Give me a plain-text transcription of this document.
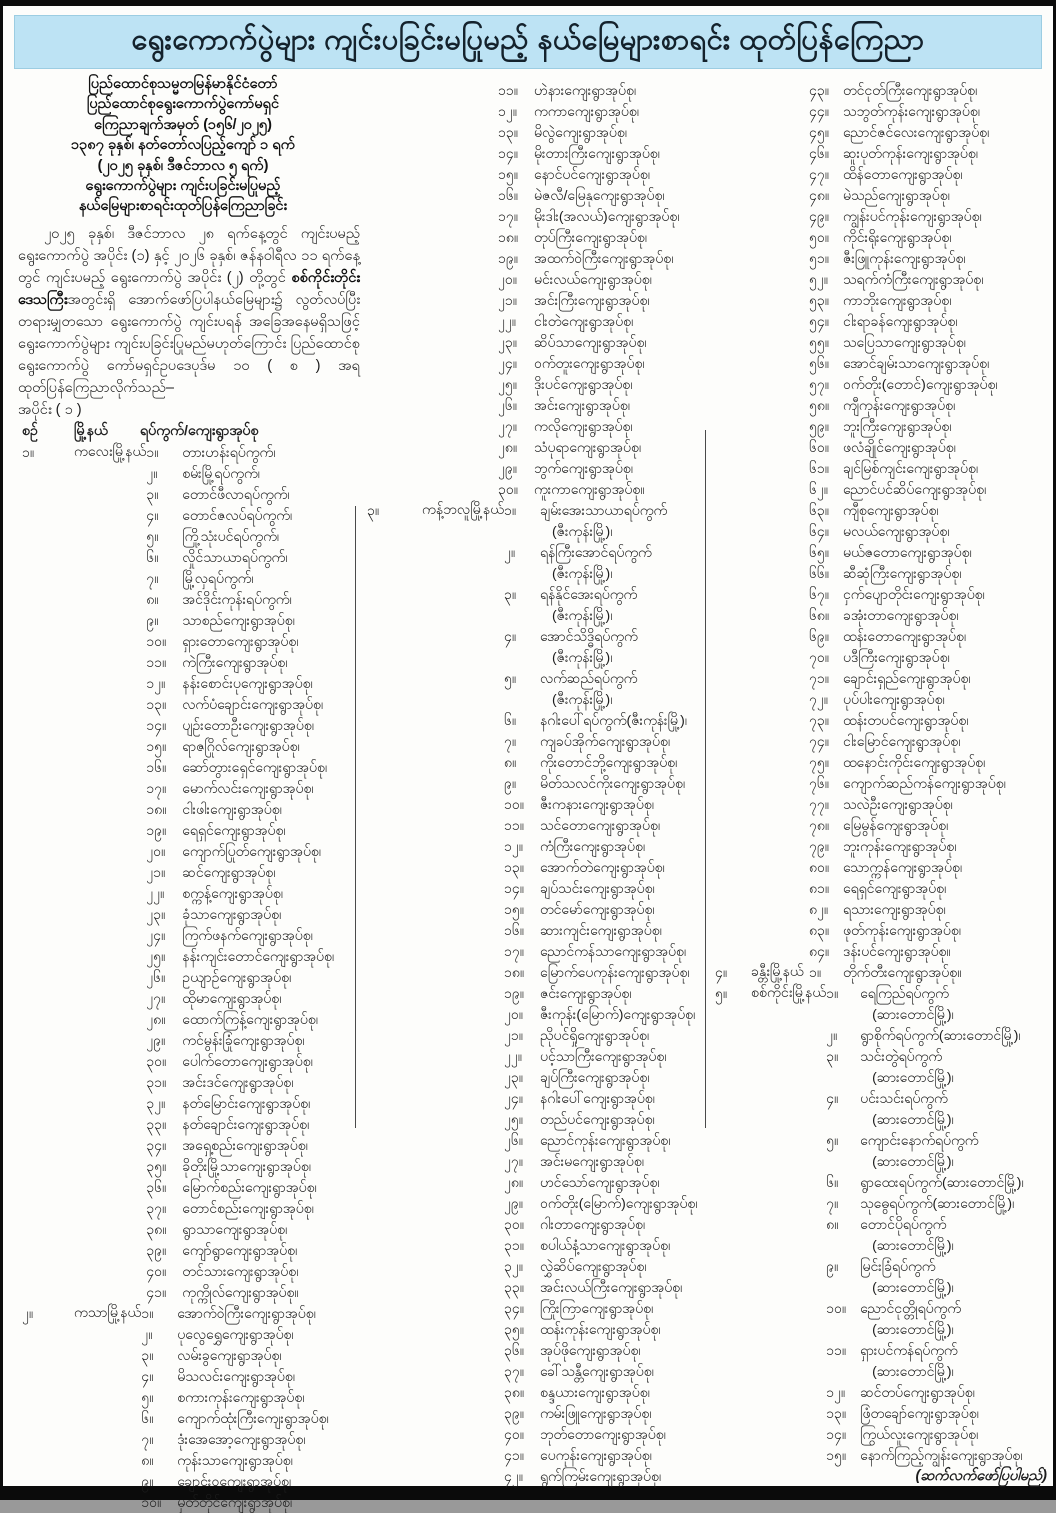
ရွေးကောက်ပွဲများ ကျင်းပခြင်းမပြုမည့် နယ်မြေများစာရင်း ထုတ်ပြန်ကြေညာ
ပြည်ထောင်စုသမ္မတမြန်မာနိုင်ငံတော်
ပြည်ထောင်စုရွေးကောက်ပွဲကော်မရှင်
ကြေညာချက်အမှတ် (၁၅၆/၂၀၂၅)
၁၃၈၇ ခုနှစ်၊ နတ်တော်လပြည့်ကျော် ၁ ရက်
(၂၀၂၅ ခုနှစ်၊ ဒီဇင်ဘာလ ၅ ရက်)
ရွေးကောက်ပွဲများ ကျင်းပခြင်းမပြုမည့်
နယ်မြေများစာရင်းထုတ်ပြန်ကြေညာခြင်း

၂၀၂၅ ခုနှစ်၊ ဒီဇင်ဘာလ ၂၈ ရက်နေ့တွင် ကျင်းပမည့် ရွေးကောက်ပွဲ အပိုင်း (၁) နှင့် ၂၀၂၆ ခုနှစ်၊ ဇန်နဝါရီလ ၁၁ ရက်နေ့တွင် ကျင်းပမည့် ရွေးကောက်ပွဲ အပိုင်း (၂) တို့တွင် စစ်ကိုင်းတိုင်းဒေသကြီးအတွင်းရှိ အောက်ဖော်ပြပါနယ်မြေများ၌ လွတ်လပ်ပြီး တရားမျှတသော ရွေးကောက်ပွဲ ကျင်းပရန် အခြေအနေမရှိသဖြင့် ရွေးကောက်ပွဲများ ကျင်းပခြင်းပြုမည်မဟုတ်ကြောင်း ပြည်ထောင်စုရွေးကောက်ပွဲ ကော်မရှင်ဥပဒေပုဒ်မ ၁၀ ( စ ) အရ ထုတ်ပြန်ကြေညာလိုက်သည်–

အပိုင်း ( ၁ )
စဉ်	မြို့နယ်	ရပ်ကွက်/ကျေးရွာအုပ်စု
၁။	ကလေးမြို့နယ် ၁။	တားဟန်းရပ်ကွက်၊
၂။	စမ်းမြို့ရပ်ကွက်၊
၃။	တောင်ဖီလာရပ်ကွက်၊
၄။	တောင်ဇလပ်ရပ်ကွက်၊
၅။	ကြို့သုံးပင်ရပ်ကွက်၊
၆။	လှိုင်သာယာရပ်ကွက်၊
၇။	မြို့လှရပ်ကွက်၊
၈။	အင်ဒိုင်းကုန်းရပ်ကွက်၊
၉။	သာစည်ကျေးရွာအုပ်စု၊
၁၀။	ရှားတောကျေးရွာအုပ်စု၊
၁၁။	ကဲကြီးကျေးရွာအုပ်စု၊
၁၂။	နန်းစောင်းပုကျေးရွာအုပ်စု၊
၁၃။	လက်ပံချောင်းကျေးရွာအုပ်စု၊
၁၄။	ပျဉ်းတောဦးကျေးရွာအုပ်စု၊
၁၅။	ရာဇဂြိုလ်ကျေးရွာအုပ်စု၊
၁၆။	ဆော်တွားရှေင်ကျေးရွာအုပ်စု၊
၁၇။	မောက်လင်းကျေးရွာအုပ်စု၊
၁၈။	ငါးဖါးကျေးရွာအုပ်စု၊
၁၉။	ရေရှင်ကျေးရွာအုပ်စု၊
၂၀။	ကျောက်ပြုတ်ကျေးရွာအုပ်စု၊
၂၁။	ဆင်ကျေးရွာအုပ်စု၊
၂၂။	စက္ကန့်ကျေးရွာအုပ်စု၊
၂၃။	ခုံသာကျေးရွာအုပ်စု၊
၂၄။	ကြက်ဖနက်ကျေးရွာအုပ်စု၊
၂၅။	နန်းကျင်းတောင်ကျေးရွာအုပ်စု၊
၂၆။	ဥယျာဉ်ကျေးရွာအုပ်စု၊
၂၇။	ထိုမာကျေးရွာအုပ်စု၊
၂၈။	ထောက်ကြန့်ကျေးရွာအုပ်စု၊
၂၉။	ကင်မွန်းခြုံကျေးရွာအုပ်စု၊
၃၀။	ပေါက်တောကျေးရွာအုပ်စု၊
၃၁။	အင်းဒင်ကျေးရွာအုပ်စု၊
၃၂။	နတ်မြောင်းကျေးရွာအုပ်စု၊
၃၃။	နတ်ချောင်းကျေးရွာအုပ်စု၊
၃၄။	အရှေ့စည်းကျေးရွာအုပ်စု၊
၃၅။	ခိုတိုးမြို့သာကျေးရွာအုပ်စု၊
၃၆။	မြောက်စည်းကျေးရွာအုပ်စု၊
၃၇။	တောင်စည်းကျေးရွာအုပ်စု၊
၃၈။	ရွာသာကျေးရွာအုပ်စု၊
၃၉။	ကျော်ရွာကျေးရွာအုပ်စု၊
၄၀။	တင်သားကျေးရွာအုပ်စု၊
၄၁။	ကုက္ကိုလ်ကျေးရွာအုပ်စု။
၂။	ကသာမြို့နယ် ၁။	အောက်ဝဲကြီးကျေးရွာအုပ်စု၊
၂။	ပုလွေရွှေကျေးရွာအုပ်စု၊
၃။	လမ်းခွကျေးရွာအုပ်စု၊
၄။	မိသလင်းကျေးရွာအုပ်စု၊
၅။	စကားကုန်းကျေးရွာအုပ်စု၊
၆။	ကျောက်ထုံးကြီးကျေးရွာအုပ်စု၊
၇။	ဒုံးအေအော့ကျေးရွာအုပ်စု၊
၈။	ကုန်းသာကျေးရွာအုပ်စု၊
၉။	ချောင်းဝကျေးရွာအုပ်စု၊
၁၀။	မှတ်တိုင်ကျေးရွာအုပ်စု၊
၁၁။	ဟဲနားကျေးရွာအုပ်စု၊
၁၂။	ကကာကျေးရွာအုပ်စု၊
၁၃။	မိလွဲကျေးရွာအုပ်စု၊
၁၄။	မိုးတားကြီးကျေးရွာအုပ်စု၊
၁၅။	နောင်ပင်ကျေးရွာအုပ်စု၊
၁၆။	မဲဇလီ/မြေနုကျေးရွာအုပ်စု၊
၁၇။	မိုးဒါး(အလယ်)ကျေးရွာအုပ်စု၊
၁၈။	တုပ်ကြီးကျေးရွာအုပ်စု၊
၁၉။	အထက်ဝဲကြီးကျေးရွာအုပ်စု၊
၂၀။	မင်းလယ်ကျေးရွာအုပ်စု၊
၂၁။	အင်းကြီးကျေးရွာအုပ်စု၊
၂၂။	ငါးတဲကျေးရွာအုပ်စု၊
၂၃။	ဆိပ်သာကျေးရွာအုပ်စု၊
၂၄။	ဝက်တူးကျေးရွာအုပ်စု၊
၂၅။	ဒိုးပင်ကျေးရွာအုပ်စု၊
၂၆။	အင်းကျေးရွာအုပ်စု၊
၂၇။	ကလိုကျေးရွာအုပ်စု၊
၂၈။	သံပုရာကျေးရွာအုပ်စု၊
၂၉။	ဘွက်ကျေးရွာအုပ်စု၊
၃၀။	ကူးကာကျေးရွာအုပ်စု။
၃။	ကန့်ဘလူမြို့နယ် ၁။	ချမ်းအေးသာယာရပ်ကွက်
(ဇီးကုန်းမြို့)၊
၂။	ရန်ကြီးအောင်ရပ်ကွက်
(ဇီးကုန်းမြို့)၊
၃။	ရန်နိုင်အေးရပ်ကွက်
(ဇီးကုန်းမြို့)၊
၄။	အောင်သိဒ္ဓိရပ်ကွက်
(ဇီးကုန်းမြို့)၊
၅။	လက်ဆည်ရပ်ကွက်
(ဇီးကုန်းမြို့)၊
၆။	နဂါးပေါ်ရပ်ကွက်(ဇီးကုန်းမြို့)၊
၇။	ကျခပ်အိုက်ကျေးရွာအုပ်စု၊
၈။	ကိုးတောင်ဘို့ကျေးရွာအုပ်စု၊
၉။	မိတ်သလင်ကိုးကျေးရွာအုပ်စု၊
၁၀။	ဇီးကနားကျေးရွာအုပ်စု၊
၁၁။	သင်တောကျေးရွာအုပ်စု၊
၁၂။	ကံကြီးကျေးရွာအုပ်စု၊
၁၃။	အောက်တဲကျေးရွာအုပ်စု၊
၁၄။	ချပ်သင်းကျေးရွာအုပ်စု၊
၁၅။	တင်မော်ကျေးရွာအုပ်စု၊
၁၆။	ဆားကျင်းကျေးရွာအုပ်စု၊
၁၇။	ညောင်ကန်သာကျေးရွာအုပ်စု၊
၁၈။	မြောက်ပေကုန်းကျေးရွာအုပ်စု၊
၁၉။	ဇင်းကျေးရွာအုပ်စု၊
၂၀။	ဇီးကုန်း(မြောက်)ကျေးရွာအုပ်စု၊
၂၁။	ညိုပင်ရှိုကျေးရွာအုပ်စု၊
၂၂။	ပင့်သာကြီးကျေးရွာအုပ်စု၊
၂၃။	ချပ်ကြီးကျေးရွာအုပ်စု၊
၂၄။	နဂါးပေါ်ကျေးရွာအုပ်စု၊
၂၅။	တည်ပင်ကျေးရွာအုပ်စု၊
၂၆။	ညောင်ကုန်းကျေးရွာအုပ်စု၊
၂၇။	အင်းမကျေးရွာအုပ်စု၊
၂၈။	ဟင်သော်ကျေးရွာအုပ်စု၊
၂၉။	ဝက်တိုး(မြောက်)ကျေးရွာအုပ်စု၊
၃၀။	ဂါးတာကျေးရွာအုပ်စု၊
၃၁။	စပါယ်နံ့သာကျေးရွာအုပ်စု၊
၃၂။	လွှဲဆိပ်ကျေးရွာအုပ်စု၊
၃၃။	အင်းလယ်ကြီးကျေးရွာအုပ်စု၊
၃၄။	ကြိုးကြာကျေးရွာအုပ်စု၊
၃၅။	ထန်းကုန်းကျေးရွာအုပ်စု၊
၃၆။	အုပ်ဖိုကျေးရွာအုပ်စု၊
၃၇။	ခေါ်သန္တီကျေးရွာအုပ်စု၊
၃၈။	စန္ဒယားကျေးရွာအုပ်စု၊
၃၉။	ကမ်းဖြူကျေးရွာအုပ်စု၊
၄၀။	ဘုတ်တောကျေးရွာအုပ်စု၊
၄၁။	ပေကုန်းကျေးရွာအုပ်စု၊
၄၂။	ရွက်ကြမ်းကျေးရွာအုပ်စု၊
၄၃။	တင်ငုတ်ကြီးကျေးရွာအုပ်စု၊
၄၄။	သဘွတ်ကုန်းကျေးရွာအုပ်စု၊
၄၅။	ညောင်ဇင်လေးကျေးရွာအုပ်စု၊
၄၆။	ဆူးပုတ်ကုန်းကျေးရွာအုပ်စု၊
၄၇။	ထိန်တောကျေးရွာအုပ်စု၊
၄၈။ မဲသည်ကျေးရွာအုပ်စု၊
၄၉။	ကျွန်းပင်ကုန်းကျေးရွာအုပ်စု၊
၅၀။	ကိုင်းရိုးကျေးရွာအုပ်စု၊
၅၁။	ဇီးဖြူကုန်းကျေးရွာအုပ်စု၊
၅၂။	သရက်ကံကြီးကျေးရွာအုပ်စု၊
၅၃။	ကာဘိုးကျေးရွာအုပ်စု၊
၅၄။	ငါးရာခန်ကျေးရွာအုပ်စု၊
၅၅။	သပြေသာကျေးရွာအုပ်စု၊
၅၆။	အောင်ချမ်းသာကျေးရွာအုပ်စု၊
၅၇။	ဝက်တိုး(တောင်)ကျေးရွာအုပ်စု၊
၅၈။ ကျီကုန်းကျေးရွာအုပ်စု၊
၅၉။	ဘူးကြီးကျေးရွာအုပ်စု၊
၆၀။	ဖလံချိုင်ကျေးရွာအုပ်စု၊
၆၁။	ချင်မြစ်ကျင်းကျေးရွာအုပ်စု၊
၆၂။	ညောင်ပင်ဆိပ်ကျေးရွာအုပ်စု၊
၆၃။	ကျီစုကျေးရွာအုပ်စု၊
၆၄။	မလယ်ကျေးရွာအုပ်စု၊
၆၅။	မယ်ဇတောကျေးရွာအုပ်စု၊
၆၆။	ဆီဆုံကြီးကျေးရွာအုပ်စု၊
၆၇။	ငှက်ပျောတိုင်းကျေးရွာအုပ်စု၊
၆၈။ ခအုံးတာကျေးရွာအုပ်စု၊
၆၉။	ထန်းတောကျေးရွာအုပ်စု၊
၇၀။	ပဒီကြီးကျေးရွာအုပ်စု၊
၇၁။	ချောင်းရှည်ကျေးရွာအုပ်စု၊
၇၂။	ပုပ်ပါးကျေးရွာအုပ်စု၊
၇၃။	ထန်းတပင်ကျေးရွာအုပ်စု၊
၇၄။	ငါးမြောင်ကျေးရွာအုပ်စု၊
၇၅။	ထနောင်းကိုင်းကျေးရွာအုပ်စု၊
၇၆။	ကျောက်ဆည်ကန်ကျေးရွာအုပ်စု၊
၇၇။	သလဲဦးကျေးရွာအုပ်စု၊
၇၈။ မြေမွန်ကျေးရွာအုပ်စု၊
၇၉။	ဘူးကုန်းကျေးရွာအုပ်စု၊
၈၀။ သောက္ကန်ကျေးရွာအုပ်စု၊
၈၁။ ရေရှင်ကျေးရွာအုပ်စု၊
၈၂။	ရသားကျေးရွာအုပ်စု၊
၈၃။ ဖုတ်ကုန်းကျေးရွာအုပ်စု၊
၈၄။ ဒန်းပင်ကျေးရွာအုပ်စု။
၄။	ခန္တီးမြို့နယ် ၁။	တိုက်တီးကျေးရွာအုပ်စု။
၅။	စစ်ကိုင်းမြို့နယ် ၁။	ရေကြည်ရပ်ကွက်
(ဆားတောင်မြို့)၊
၂။	ရွာစိုက်ရပ်ကွက်(ဆားတောင်မြို့)၊
၃။	သင်းတွဲရပ်ကွက်
(ဆားတောင်မြို့)၊
၄။	ပင်းသင်းရပ်ကွက်
(ဆားတောင်မြို့)၊
၅။	ကျောင်းနောက်ရပ်ကွက်
(ဆားတောင်မြို့)၊
၆။	ရွာထေးရပ်ကွက်(ဆားတောင်မြို့)၊
၇။	သုဓွေရပ်ကွက်(ဆားတောင်မြို့)၊
၈။	တောင်ပိုရပ်ကွက်
(ဆားတောင်မြို့)၊
၉။	မြင်းခြံရပ်ကွက်
(ဆားတောင်မြို့)၊
၁၀။	ညောင်ငုတ္တိုရပ်ကွက်
(ဆားတောင်မြို့)၊
၁၁။	ရှားပင်ကန်ရပ်ကွက်
(ဆားတောင်မြို့)၊
၁၂။	ဆင်တပ်ကျေးရွာအုပ်စု၊
၁၃။	ဖြံတချော်ကျေးရွာအုပ်စု၊
၁၄။	ကြွယ်လူးကျေးရွာအုပ်စု၊
၁၅။	နောက်ကြည့်ကျွန်းကျေးရွာအုပ်စု၊
(ဆက်လက်ဖော်ပြပါမည်)
